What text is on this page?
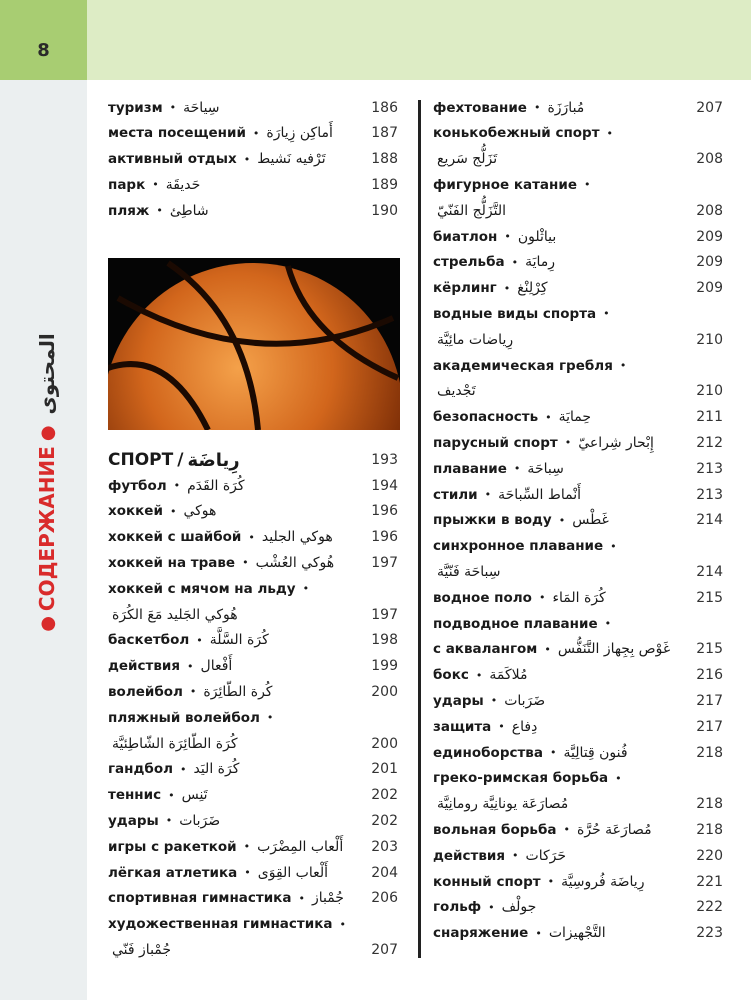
8
●
СОДЕРЖАНИЕ
●
المحتوى
туризм • سِياحَة	186
места посещений • أَماكِن زِيارَة	187
активный отдых • تَرْفيه نَشيط	188
парк • حَديقَة	189
пляж • شاطِئ	190
СПОРТ / رِياضَة	193
футбол • كُرَة القَدَم	194
хоккей • هوكي	196
хоккей с шайбой • هوكي الجليد	196
хоккей на траве • هُوكي العُشْب	197
хоккей с мячом на льду •
هُوكي الجَليد مَعَ الكُرَة	197
баскетбол • كُرَة السَّلَّة	198
действия • أَفْعال	199
волейбол • كُرة الطّائِرَة	200
пляжный волейбол •
كُرَة الطّائِرَة الشّاطِئيَّة	200
гандбол • كُرَة اليَد	201
теннис • تَنِس	202
удары • ضَرَبات	202
игры с ракеткой • أَلْعاب المِضْرَب 203
лёгкая атлетика • أَلْعاب القِوَى	204
спортивная гимнастика • جُمْباز 206
художественная гимнастика •
جُمْباز فَنّي	207
фехтование • مُبارَزَة	207
конькобежный спорт •
تَزَلُّج سَريع	208
фигурное катание •
التَّزَلُّج الفَنّيّ	208
биатлон • بياثْلون	209
стрельба • رِمايَة	209
кёрлинг • كِرْلِنْغ	209
водные виды спорта •
رِياضات مائِيَّة	210
академическая гребля •
تَجْديف	210
безопасность • حِمايَة	211
парусный спорт • إِبْحار شِراعيّ	212
плавание • سِباحَة	213
стили • أَنْماط السِّباحَة	213
прыжки в воду • غَطْس	214
синхронное плавание •
سِباحَة فَنّيَّة	214
водное поло • كُرَة المَاء	215
подводное плавание •
с аквалангом • غَوْص بِجِهاز التَّنَفُّس 215
бокс • مُلاكَمَة	216
удары • ضَرَبات	217
защита • دِفاع	217
единоборства • فُنون قِتالِيَّة	218
греко-римская борьба •
مُصارَعَة يونانِيَّة رومانِيَّة	218
вольная борьба • مُصارَعَة حُرَّة	218
действия • حَرَكات	220
конный спорт • رِياضَة فُروسِيَّة	221
гольф • جولْف	222
снаряжение • التَّجْهيزات	223
